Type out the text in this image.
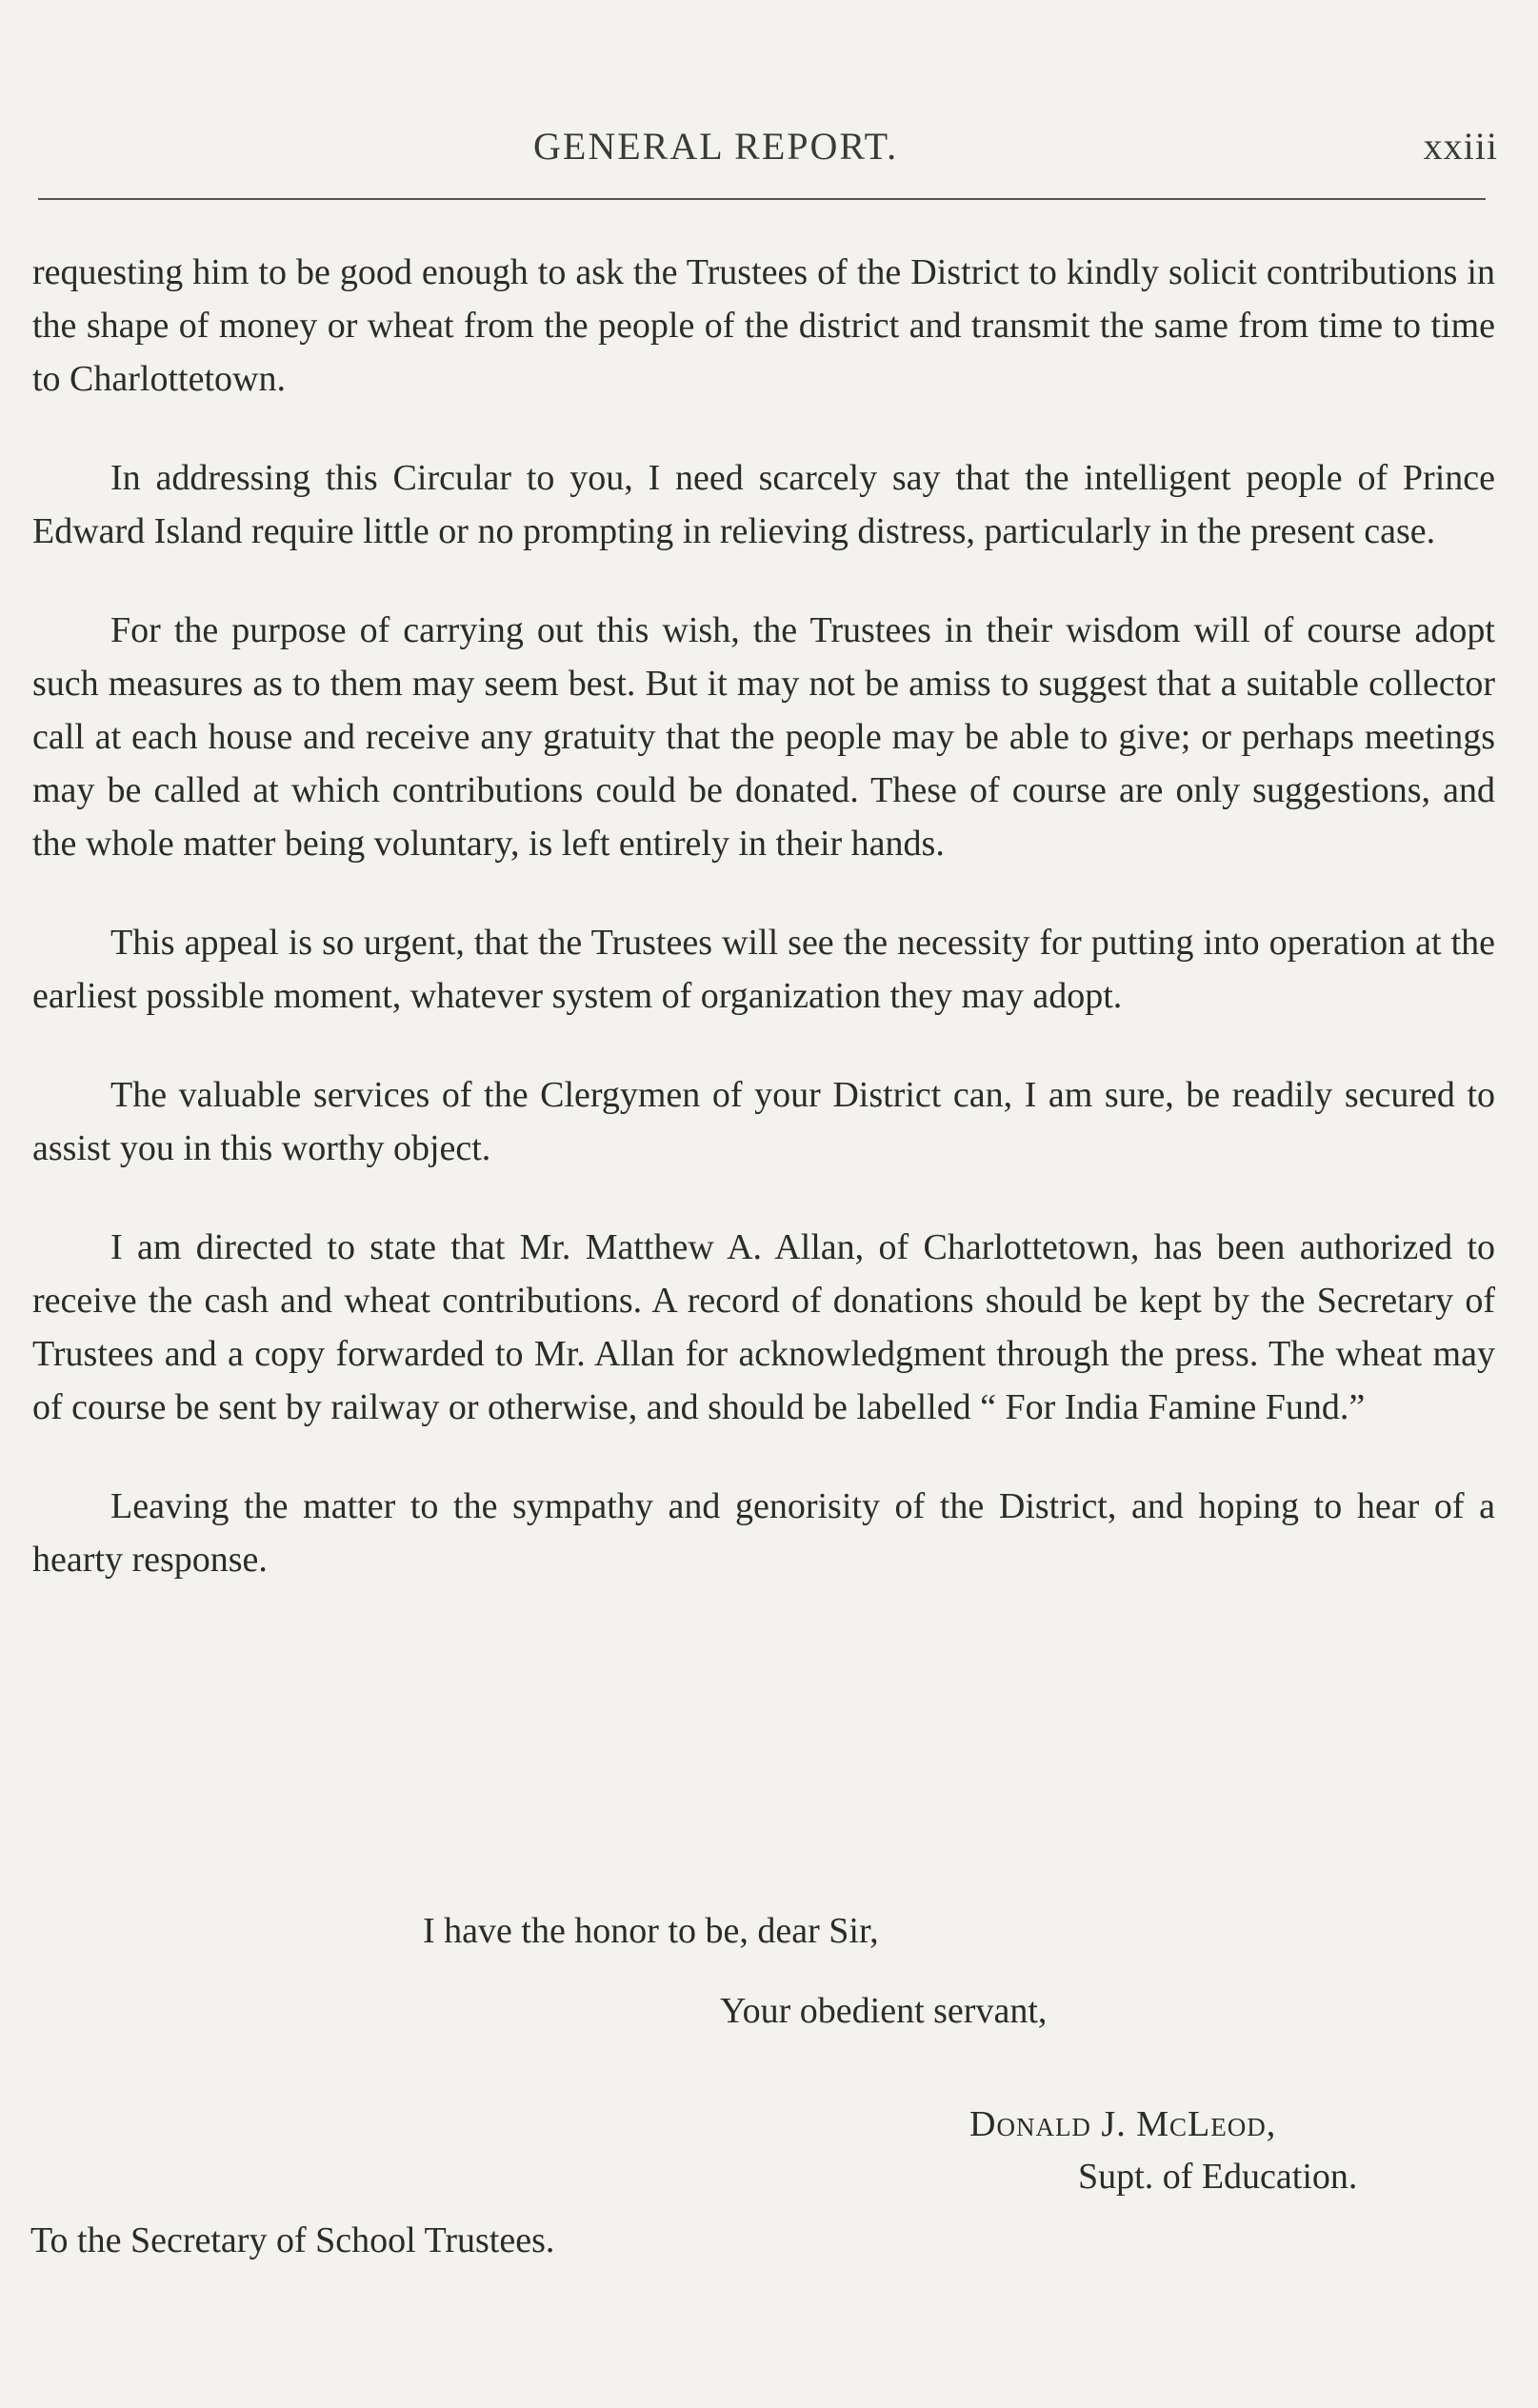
GENERAL REPORT.	xxiii

requesting him to be good enough to ask the Trustees of the District to kindly solicit contributions in the shape of money or wheat from the people of the district and transmit the same from time to time to Charlottetown.

In addressing this Circular to you, I need scarcely say that the intelligent people of Prince Edward Island require little or no prompting in relieving distress, particularly in the present case.

For the purpose of carrying out this wish, the Trustees in their wisdom will of course adopt such measures as to them may seem best. But it may not be amiss to suggest that a suitable collector call at each house and receive any gratuity that the people may be able to give; or perhaps meetings may be called at which contributions could be donated. These of course are only suggestions, and the whole matter being voluntary, is left entirely in their hands.

This appeal is so urgent, that the Trustees will see the necessity for putting into operation at the earliest possible moment, whatever system of organization they may adopt.

The valuable services of the Clergymen of your District can, I am sure, be readily secured to assist you in this worthy object.

I am directed to state that Mr. Matthew A. Allan, of Charlottetown, has been authorized to receive the cash and wheat contributions. A record of donations should be kept by the Secretary of Trustees and a copy forwarded to Mr. Allan for acknowledgment through the press. The wheat may of course be sent by railway or otherwise, and should be labelled “ For India Famine Fund.”

Leaving the matter to the sympathy and genorisity of the District, and hoping to hear of a hearty response.

I have the honor to be, dear Sir,
Your obedient servant,
Donald J. McLeod,
Supt. of Education.
To the Secretary of School Trustees.
